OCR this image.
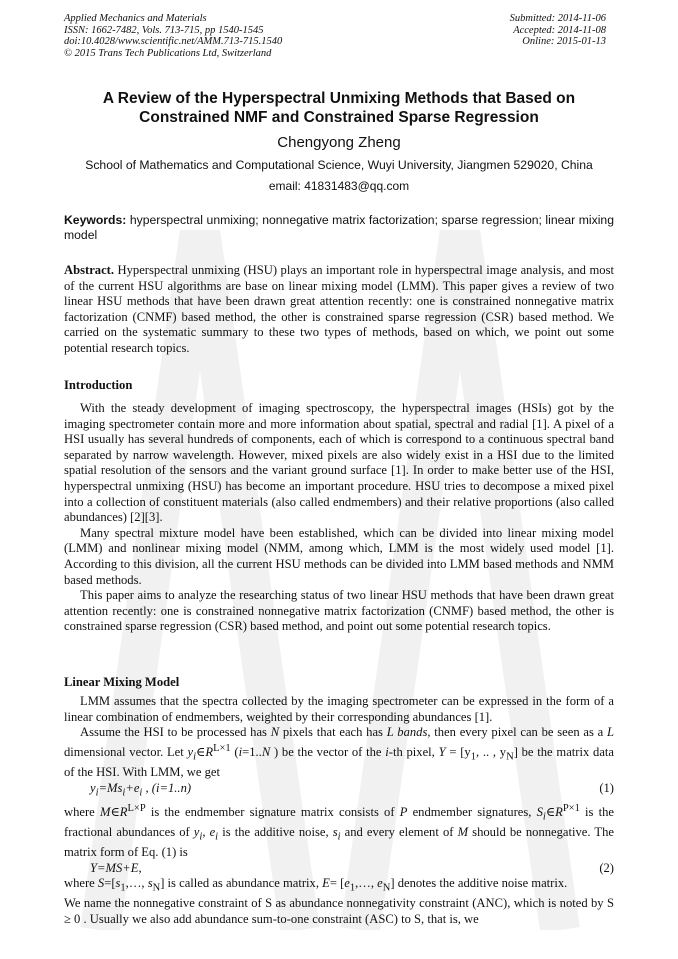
Applied Mechanics and Materials
ISSN: 1662-7482, Vols. 713-715, pp 1540-1545
doi:10.4028/www.scientific.net/AMM.713-715.1540
© 2015 Trans Tech Publications Ltd, Switzerland
Submitted: 2014-11-06
Accepted: 2014-11-08
Online: 2015-01-13
A Review of the Hyperspectral Unmixing Methods that Based on
Constrained NMF and Constrained Sparse Regression
Chengyong Zheng
School of Mathematics and Computational Science, Wuyi University, Jiangmen 529020, China
email: 41831483@qq.com
Keywords: hyperspectral unmixing; nonnegative matrix factorization; sparse regression; linear mixing model
Abstract. Hyperspectral unmixing (HSU) plays an important role in hyperspectral image analysis, and most of the current HSU algorithms are base on linear mixing model (LMM). This paper gives a review of two linear HSU methods that have been drawn great attention recently: one is constrained nonnegative matrix factorization (CNMF) based method, the other is constrained sparse regression (CSR) based method. We carried on the systematic summary to these two types of methods, based on which, we point out some potential research topics.
Introduction

With the steady development of imaging spectroscopy, the hyperspectral images (HSIs) got by the imaging spectrometer contain more and more information about spatial, spectral and radial [1]. A pixel of a HSI usually has several hundreds of components, each of which is correspond to a continuous spectral band separated by narrow wavelength. However, mixed pixels are also widely exist in a HSI due to the limited spatial resolution of the sensors and the variant ground surface [1]. In order to make better use of the HSI, hyperspectral unmixing (HSU) has become an important procedure. HSU tries to decompose a mixed pixel into a collection of constituent materials (also called endmembers) and their relative proportions (also called abundances) [2][3].

Many spectral mixture model have been established, which can be divided into linear mixing model (LMM) and nonlinear mixing model (NMM, among which, LMM is the most widely used model [1]. According to this division, all the current HSU methods can be divided into LMM based methods and NMM based methods.

This paper aims to analyze the researching status of two linear HSU methods that have been drawn great attention recently: one is constrained nonnegative matrix factorization (CNMF) based method, the other is constrained sparse regression (CSR) based method, and point out some potential research topics.

Linear Mixing Model

LMM assumes that the spectra collected by the imaging spectrometer can be expressed in the form of a linear combination of endmembers, weighted by their corresponding abundances [1].

Assume the HSI to be processed has N pixels that each has L bands, then every pixel can be seen as a L dimensional vector. Let $y_i\in R^{L\times 1}$ (i=1..N ) be the vector of the i-th pixel, $Y = [y_1$, .. , $y_N$] be the matrix data of the HSI. With LMM, we get

$y_i=Ms_i+e_i$ , (i=1..n)	(1)

where $M\in R^{L\times P}$ is the endmember signature matrix consists of P endmember signatures, $S_i\in R^{P\times 1}$ is the fractional abundances of $y_i$, $e_i$ is the additive noise, $s_i$ and every element of M should be nonnegative. The matrix form of Eq. (1) is

Y=MS+E,	(2)

where $S=[s_1,\dots$, $s_N$] is called as abundance matrix, $E= [e_1,\dots$, $e_N$] denotes the additive noise matrix.

We name the nonnegative constraint of S as abundance nonnegativity constraint (ANC), which is noted by S ≥ 0 . Usually we also add abundance sum-to-one constraint (ASC) to S, that is, we
